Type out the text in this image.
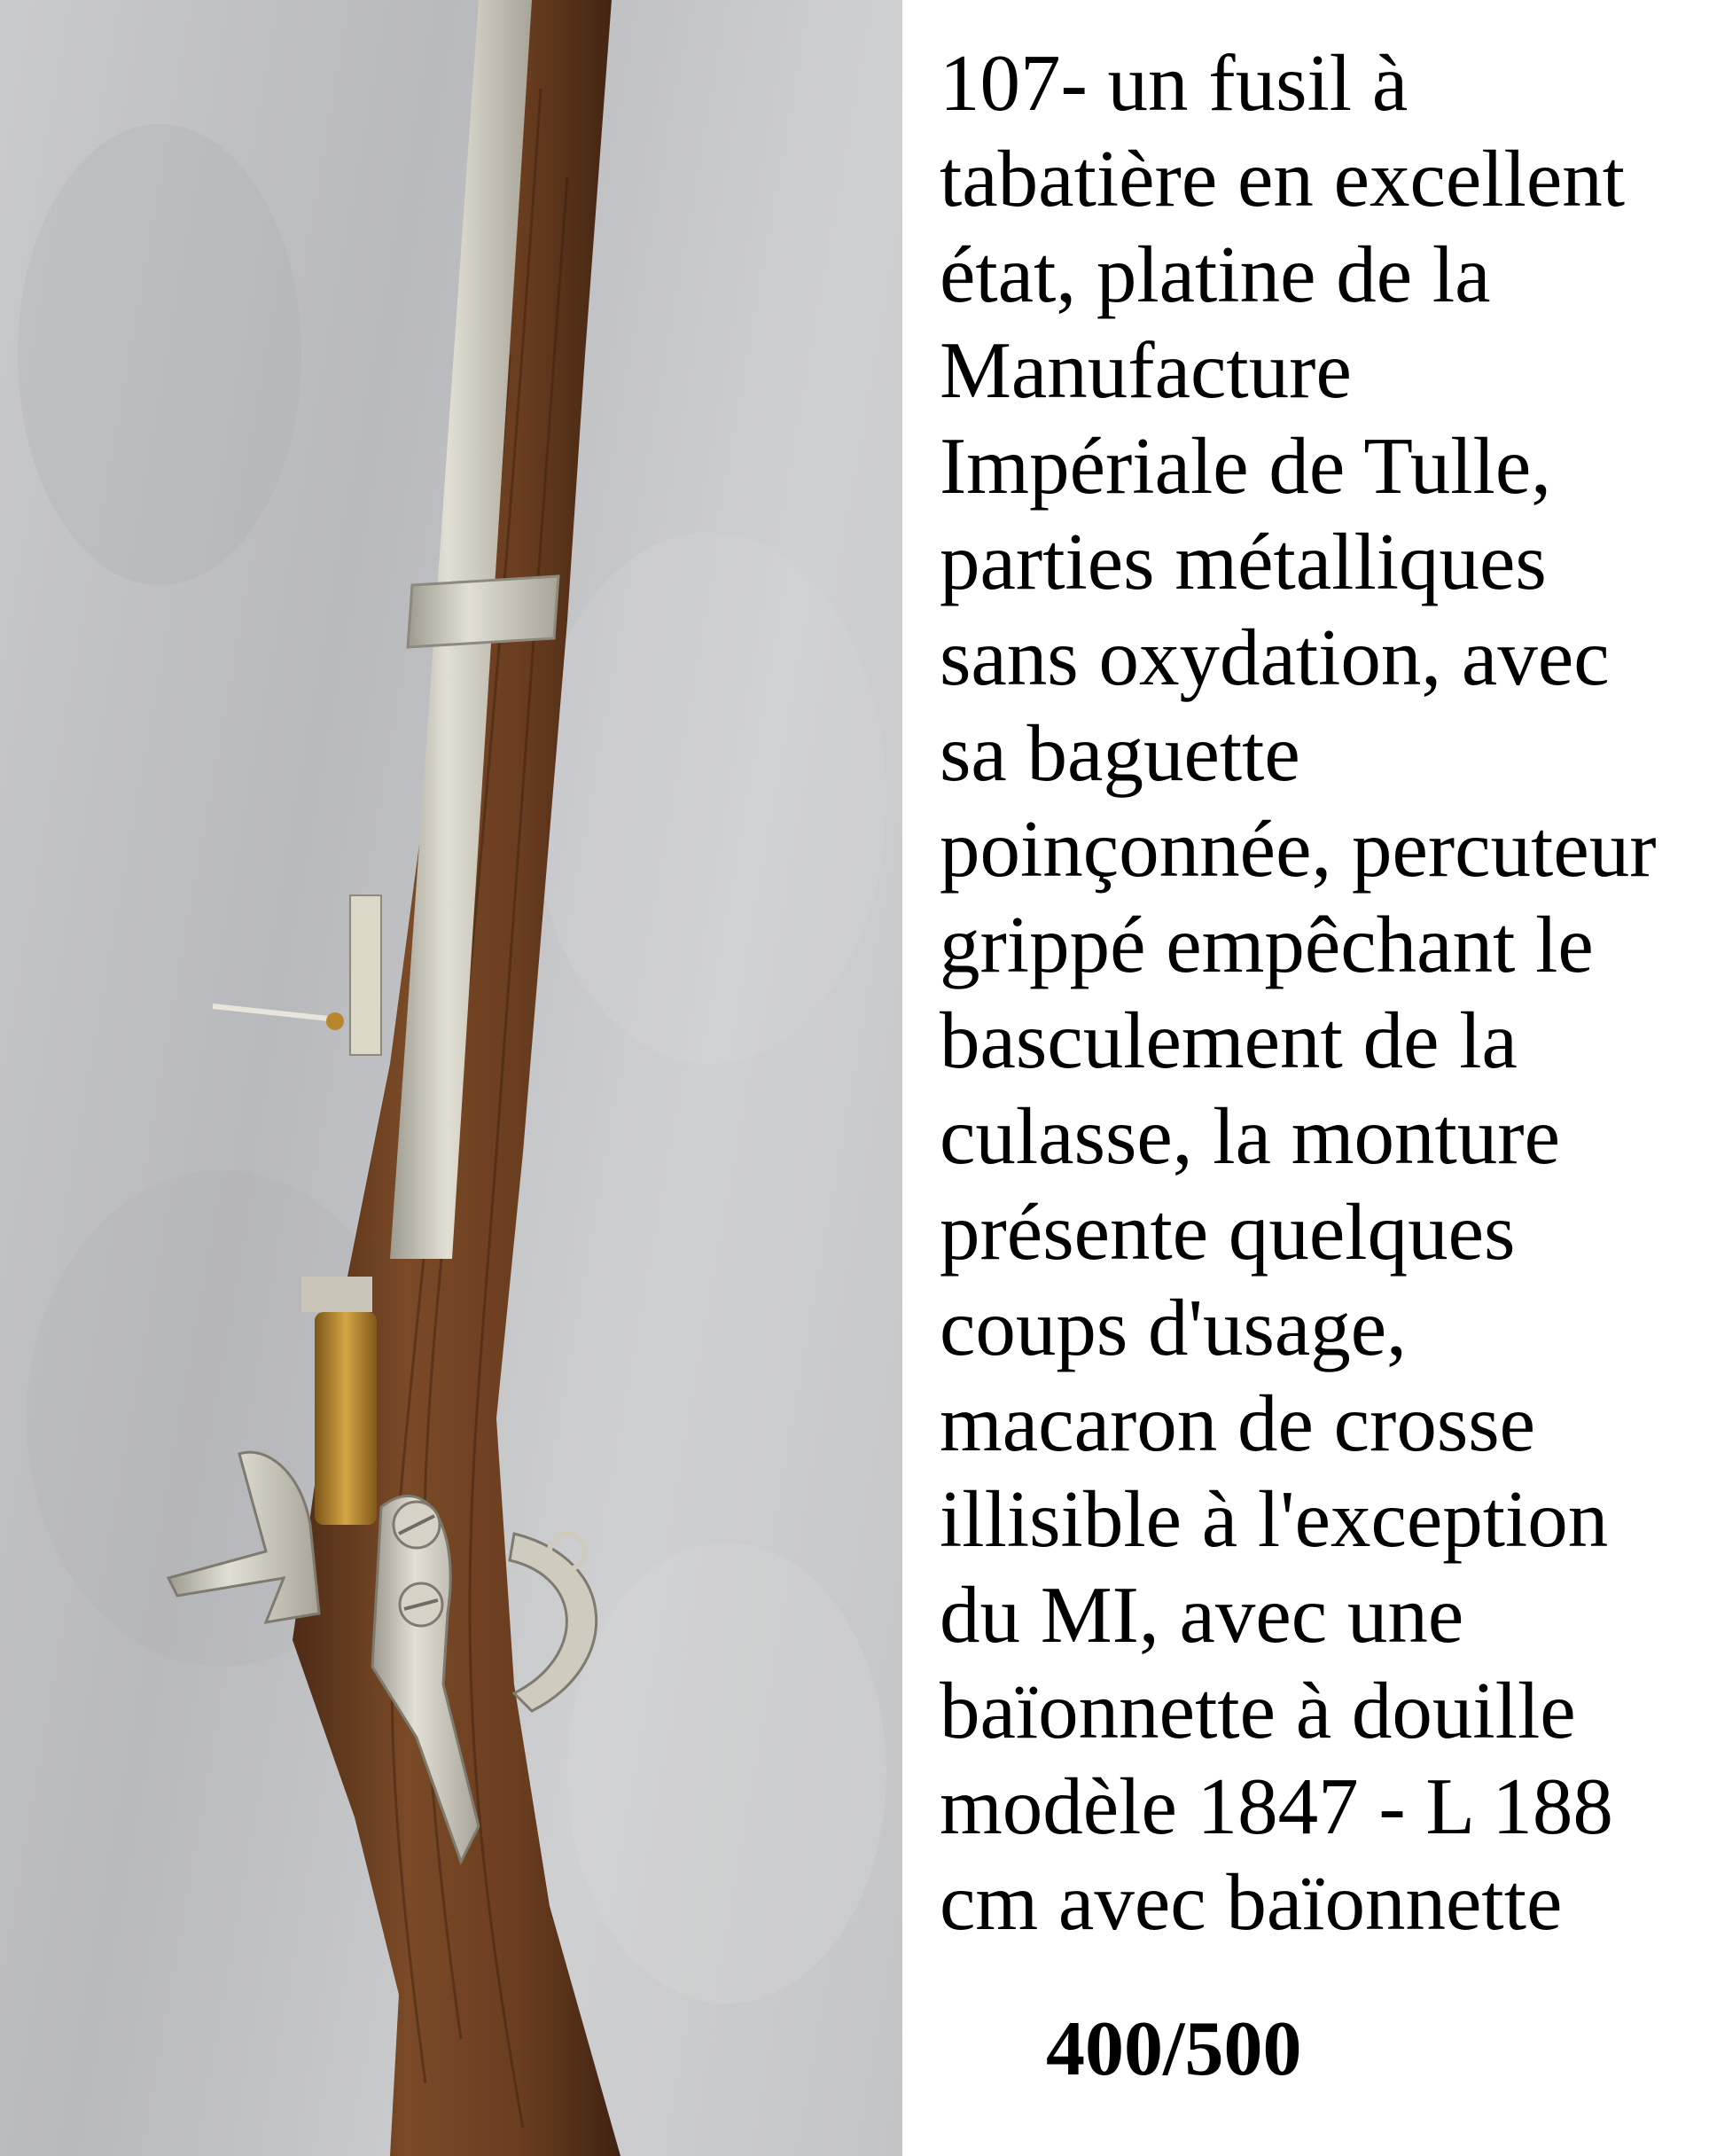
107- un fusil à
tabatière en excellent
état, platine de la
Manufacture
Impériale de Tulle,
parties métalliques
sans oxydation, avec
sa baguette
poinçonnée, percuteur
grippé empêchant le
basculement de la
culasse, la monture
présente quelques
coups d'usage,
macaron de crosse
illisible à l'exception
du MI, avec une
baïonnette à douille
modèle 1847 - L 188
cm avec baïonnette

400/500
